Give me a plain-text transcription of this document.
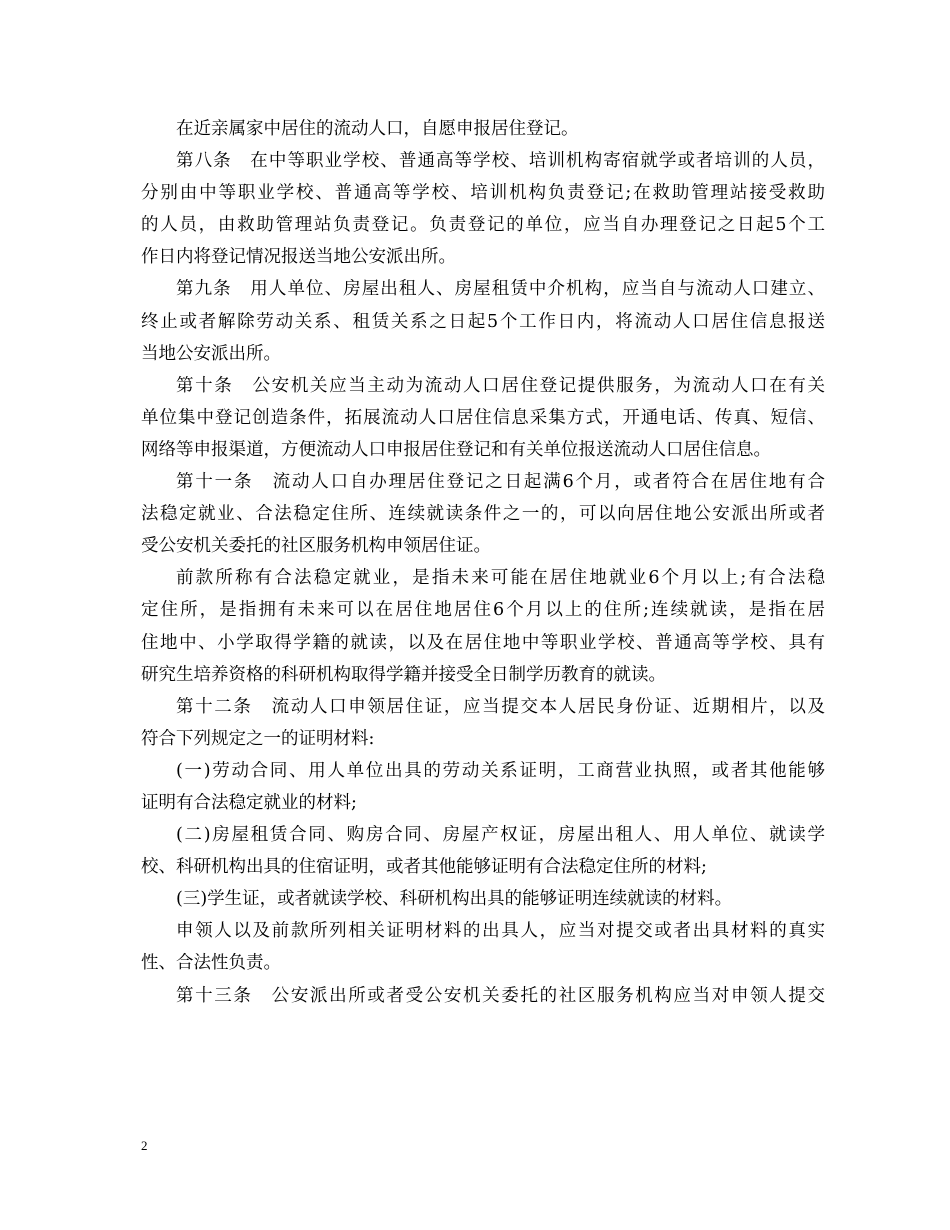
在近亲属家中居住的流动人口，自愿申报居住登记。
第八条　在中等职业学校、普通高等学校、培训机构寄宿就学或者培训的人员，
分别由中等职业学校、普通高等学校、培训机构负责登记;在救助管理站接受救助
的人员，由救助管理站负责登记。负责登记的单位，应当自办理登记之日起5个工
作日内将登记情况报送当地公安派出所。
第九条　用人单位、房屋出租人、房屋租赁中介机构，应当自与流动人口建立、
终止或者解除劳动关系、租赁关系之日起5个工作日内，将流动人口居住信息报送
当地公安派出所。
第十条　公安机关应当主动为流动人口居住登记提供服务，为流动人口在有关
单位集中登记创造条件，拓展流动人口居住信息采集方式，开通电话、传真、短信、
网络等申报渠道，方便流动人口申报居住登记和有关单位报送流动人口居住信息。
第十一条　流动人口自办理居住登记之日起满6个月，或者符合在居住地有合
法稳定就业、合法稳定住所、连续就读条件之一的，可以向居住地公安派出所或者
受公安机关委托的社区服务机构申领居住证。
前款所称有合法稳定就业，是指未来可能在居住地就业6个月以上;有合法稳
定住所，是指拥有未来可以在居住地居住6个月以上的住所;连续就读，是指在居
住地中、小学取得学籍的就读，以及在居住地中等职业学校、普通高等学校、具有
研究生培养资格的科研机构取得学籍并接受全日制学历教育的就读。
第十二条　流动人口申领居住证，应当提交本人居民身份证、近期相片，以及
符合下列规定之一的证明材料:
(一)劳动合同、用人单位出具的劳动关系证明，工商营业执照，或者其他能够
证明有合法稳定就业的材料;
(二)房屋租赁合同、购房合同、房屋产权证，房屋出租人、用人单位、就读学
校、科研机构出具的住宿证明，或者其他能够证明有合法稳定住所的材料;
(三)学生证，或者就读学校、科研机构出具的能够证明连续就读的材料。
申领人以及前款所列相关证明材料的出具人，应当对提交或者出具材料的真实
性、合法性负责。
第十三条　公安派出所或者受公安机关委托的社区服务机构应当对申领人提交
2
